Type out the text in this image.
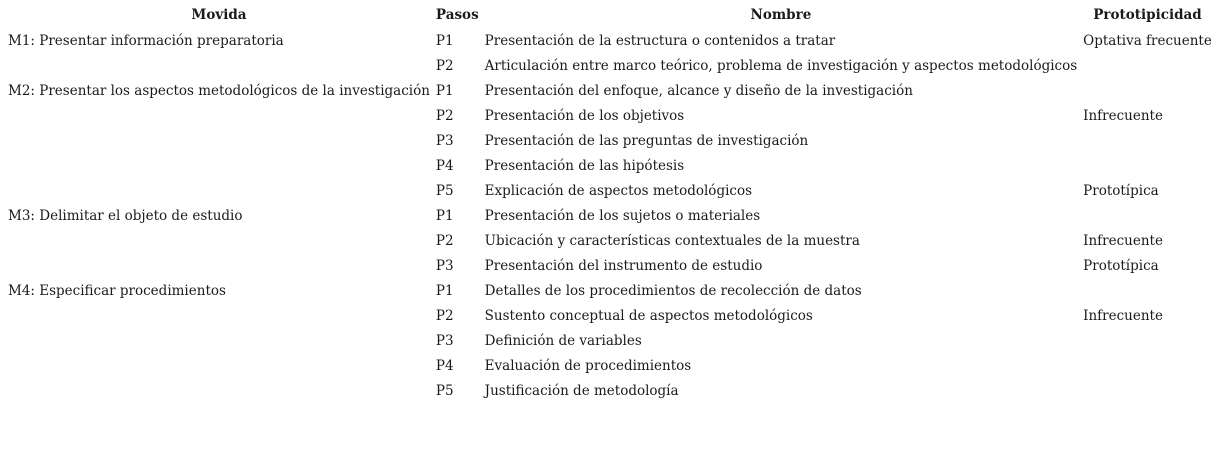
Movida	Pasos	Nombre	Prototipicidad
M1: Presentar información preparatoria	P1	Presentación de la estructura o contenidos a tratar	Optativa frecuente
	P2	Articulación entre marco teórico, problema de investigación y aspectos metodológicos	
M2: Presentar los aspectos metodológicos de la investigación	P1	Presentación del enfoque, alcance y diseño de la investigación	
	P2	Presentación de los objetivos	Infrecuente
	P3	Presentación de las preguntas de investigación	
	P4	Presentación de las hipótesis	
	P5	Explicación de aspectos metodológicos	Prototípica
M3: Delimitar el objeto de estudio	P1	Presentación de los sujetos o materiales	
	P2	Ubicación y características contextuales de la muestra	Infrecuente
	P3	Presentación del instrumento de estudio	Prototípica
M4: Especificar procedimientos	P1	Detalles de los procedimientos de recolección de datos	
	P2	Sustento conceptual de aspectos metodológicos	Infrecuente
	P3	Definición de variables	
	P4	Evaluación de procedimientos	
	P5	Justificación de metodología	
